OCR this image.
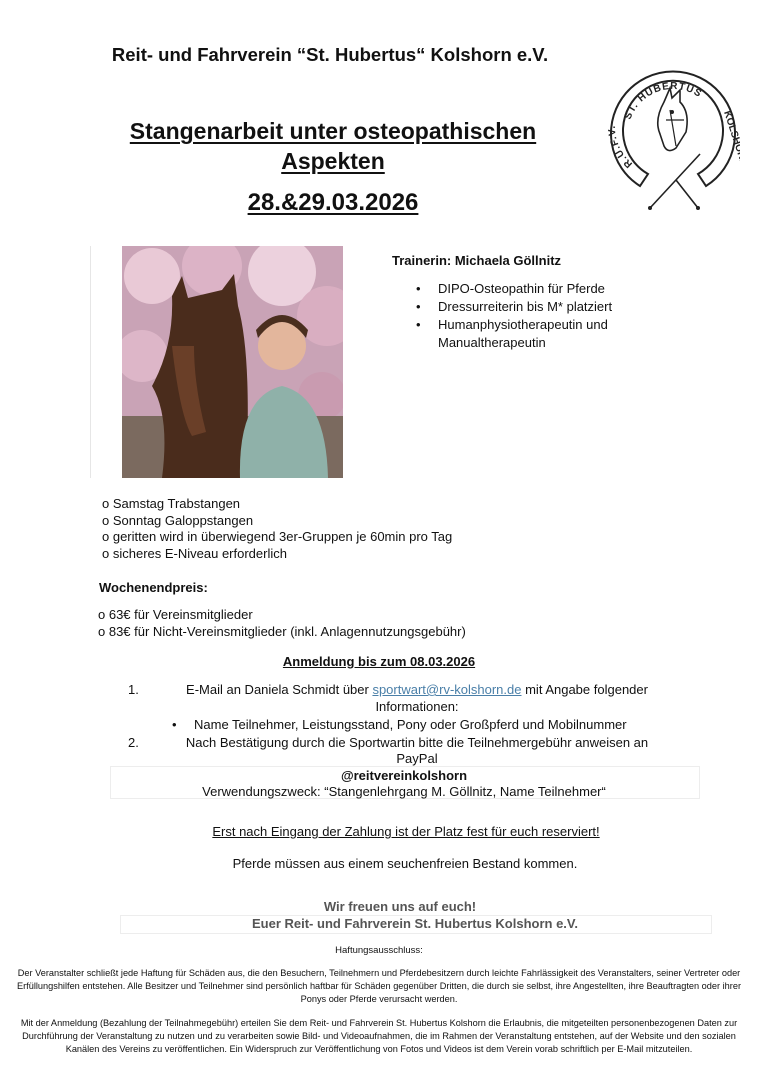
Reit- und Fahrverein “St. Hubertus“ Kolshorn e.V.
Stangenarbeit unter osteopathischen
Aspekten
28.&29.03.2026
ST. HUBERTUS
R.U.F.V.	KOLSHORN
Trainerin: Michaela Göllnitz
• DIPO-Osteopathin für Pferde
• Dressurreiterin bis M* platziert
• Humanphysiotherapeutin und
Manualtherapeutin
o Samstag Trabstangen
o Sonntag Galoppstangen
o geritten wird in überwiegend 3er-Gruppen je 60min pro Tag
o sicheres E-Niveau erforderlich
Wochenendpreis:
o 63€ für Vereinsmitglieder
o 83€ für Nicht-Vereinsmitglieder (inkl. Anlagennutzungsgebühr)
Anmeldung bis zum 08.03.2026
1.	E-Mail an Daniela Schmidt über sportwart@rv-kolshorn.de mit Angabe folgender
Informationen:
• Name Teilnehmer, Leistungsstand, Pony oder Großpferd und Mobilnummer
2.	Nach Bestätigung durch die Sportwartin bitte die Teilnehmergebühr anweisen an
PayPal
@reitvereinkolshorn
Verwendungszweck: “Stangenlehrgang M. Göllnitz, Name Teilnehmer“
Erst nach Eingang der Zahlung ist der Platz fest für euch reserviert!
Pferde müssen aus einem seuchenfreien Bestand kommen.
Wir freuen uns auf euch!
Euer Reit- und Fahrverein St. Hubertus Kolshorn e.V.
Haftungsausschluss:
Der Veranstalter schließt jede Haftung für Schäden aus, die den Besuchern, Teilnehmern und Pferdebesitzern durch leichte Fahrlässigkeit des Veranstalters, seiner Vertreter oder Erfüllungshilfen entstehen. Alle Besitzer und Teilnehmer sind persönlich haftbar für Schäden gegenüber Dritten, die durch sie selbst, ihre Angestellten, ihre Beauftragten oder ihrer Ponys oder Pferde verursacht werden.
Mit der Anmeldung (Bezahlung der Teilnahmegebühr) erteilen Sie dem Reit- und Fahrverein St. Hubertus Kolshorn die Erlaubnis, die mitgeteilten personenbezogenen Daten zur Durchführung der Veranstaltung zu nutzen und zu verarbeiten sowie Bild- und Videoaufnahmen, die im Rahmen der Veranstaltung entstehen, auf der Website und den sozialen Kanälen des Vereins zu veröffentlichen. Ein Widerspruch zur Veröffentlichung von Fotos und Videos ist dem Verein vorab schriftlich per E-Mail mitzuteilen.
